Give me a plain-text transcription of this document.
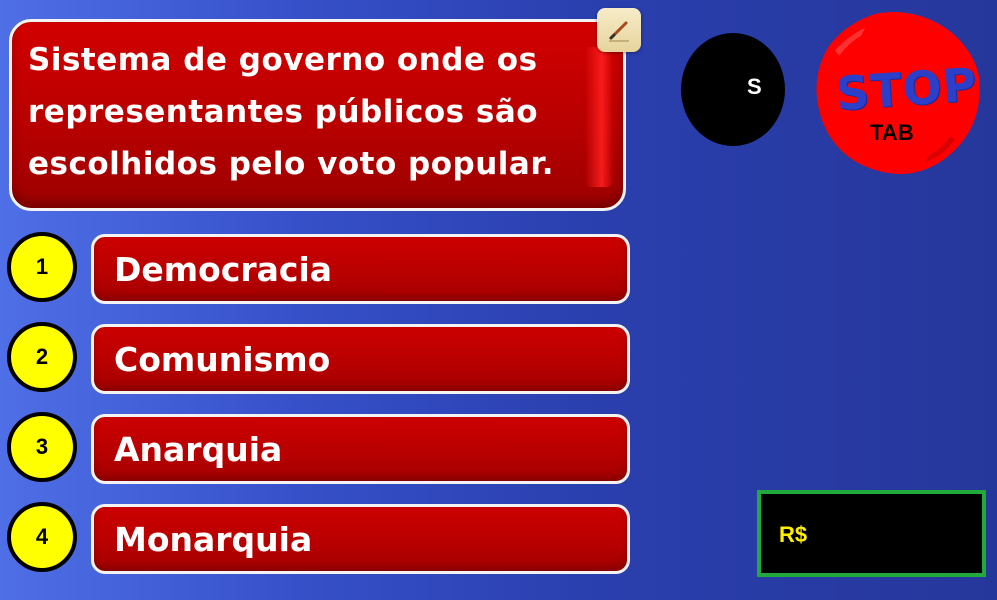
Sistema de governo onde os representantes públicos são escolhidos pelo voto popular.

1	Democracia
2	Comunismo
3	Anarquia
4	Monarquia
S STOP
TAB
R$
